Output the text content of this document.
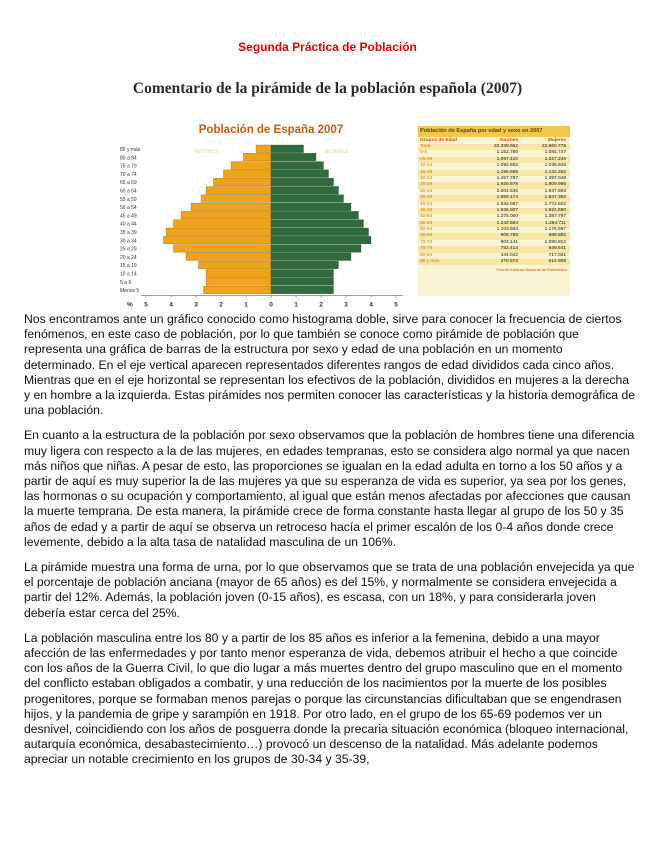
Segunda Práctica de Población
Comentario de la pirámide de la población española (2007)
Población de España 2007
85 y más
80 a 84
75 a 79
70 a 74
65 a 69
60 a 64
55 a 59
50 a 54
45 a 49
40 a 44
35 a 39
30 a 34
25 a 29
20 a 24
15 a 19
10 a 14
5 a 9
Menos 5
MUJERES
VARONES
5	4	3	2	1	0	1	2	3	4	5
%
Población de España por edad y sexo en 2007
Grupos de Edad	Varones	Mujeres
Total	22.339.962	22.860.775
0-4	1.152.780	1.084.747
05-09	1.097.410	1.027.246
10-14	1.092.602	1.035.845
15-19	1.196.595	1.132.262
20-24	1.457.787	1.397.048
25-29	1.926.678	1.809.995
30-34	2.004.536	1.937.893
35-39	1.959.174	1.847.382
40-44	1.832.087	1.774.602
45-49	1.636.907	1.622.690
50-54	1.375.000	1.387.797
55-59	1.242.584	1.284.711
60-64	1.103.584	1.176.997
65-69	908.799	989.665
70-74	903.141	1.090.812
75-79	752.414	949.641
80-84	444.042	717.031
85 y más	270.572	614.909
Fuente Instituto Nacional de Estadística

Nos encontramos ante un gráfico conocido como histograma doble, sirve para conocer la frecuencia de ciertos fenómenos, en este caso de población, por lo que también se conoce como pirámide de población que representa una gráfica de barras de la estructura por sexo y edad de una población en un momento determinado. En el eje vertical aparecen representados diferentes rangos de edad divididos cada cinco años. Mientras que en el eje horizontal se representan los efectivos de la población, divididos en mujeres a la derecha y en hombre a la izquierda. Estas pirámides nos permiten conocer las características y la historia demográfica de una población.

En cuanto a la estructura de la población por sexo observamos que la población de hombres tiene una diferencia muy ligera con respecto a la de las mujeres, en edades tempranas, esto se considera algo normal ya que nacen más niños que niñas. A pesar de esto, las proporciones se igualan en la edad adulta en torno a los 50 años y a partir de aquí es muy superior la de las mujeres ya que su esperanza de vida es superior, ya sea por los genes, las hormonas o su ocupación y comportamiento, al igual que están menos afectadas por afecciones que causan la muerte temprana. De esta manera, la pirámide crece de forma constante hasta llegar al grupo de los 50 y 35 años de edad y a partir de aquí se observa un retroceso hacía el primer escalón de los 0-4 años donde crece levemente, debido a la alta tasa de natalidad masculina de un 106%.

La pirámide muestra una forma de urna, por lo que observamos que se trata de una población envejecida ya que el porcentaje de población anciana (mayor de 65 años) es del 15%, y normalmente se considera envejecida a partir del 12%. Además, la población joven (0-15 años), es escasa, con un 18%, y para considerarla joven debería estar cerca del 25%.

La población masculina entre los 80 y a partir de los 85 años es inferior a la femenina, debido a una mayor afección de las enfermedades y por tanto menor esperanza de vida, debemos atribuir el hecho a que coincide con los años de la Guerra Civil, lo que dio lugar a más muertes dentro del grupo masculino que en el momento del conflicto estaban obligados a combatir, y una reducción de los nacimientos por la muerte de los posibles progenitores, porque se formaban menos parejas o porque las circunstancias dificultaban que se engendrasen hijos, y la pandemia de gripe y sarampión en 1918. Por otro lado, en el grupo de los 65-69 podemos ver un desnivel, coincidiendo con los años de posguerra donde la precaria situación económica (bloqueo internacional, autarquía económica, desabastecimiento…) provocó un descenso de la natalidad. Más adelante podemos apreciar un notable crecimiento en los grupos de 30-34 y 35-39,
